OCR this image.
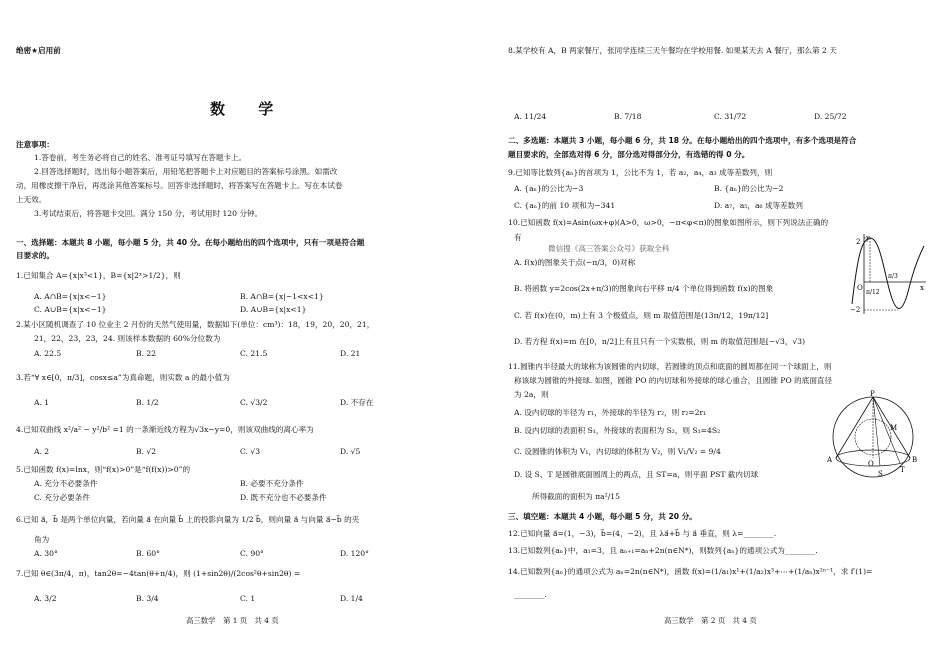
绝密★启用前
数 学
注意事项：
1.答卷前，考生务必将自己的姓名、准考证号填写在答题卡上。
2.回答选择题时，选出每小题答案后，用铅笔把答题卡上对应题目的答案标号涂黑。如需改
动，用橡皮擦干净后，再选涂其他答案标号。回答非选择题时，将答案写在答题卡上。写在本试卷
上无效。
3.考试结束后，将答题卡交回。满分 150 分，考试用时 120 分钟。
一、选择题：本题共 8 小题，每小题 5 分，共 40 分。在每小题给出的四个选项中，只有一项是符合题
目要求的。
1.已知集合 A={x|x³<1}，B={x|2ˣ>1/2}，则
A. A∩B={x|x<−1}	B. A∩B={x|−1<x<1}
C. A∪B={x|x<−1}	D. A∪B={x|x<1}
2.某小区随机调查了 10 位业主 2 月份的天然气使用量，数据如下(单位：cm³)：18，19，20，20，21，
21，22，23，23，24. 则该样本数据的 60%分位数为
A. 22.5	B. 22	C. 21.5	D. 21
3.若“∀ x∈[0，π/3]，cosx≤a”为真命题，则实数 a 的最小值为
A. 1	B. 1/2	C. √3/2	D. 不存在
4.已知双曲线 x²/a² − y²/b² =1 的一条渐近线方程为√3x−y=0，则该双曲线的离心率为
A. 2	B. √2	C. √3	D. √5
5.已知函数 f(x)=lnx，则“f(x)>0”是“f(f(x))>0”的
A. 充分不必要条件	B. 必要不充分条件
C. 充分必要条件	D. 既不充分也不必要条件
6.已知 a⃗，b⃗ 是两个单位向量，若向量 a⃗ 在向量 b⃗ 上的投影向量为 1/2 b⃗，则向量 a⃗ 与向量 a⃗−b⃗ 的夹
角为
A. 30°	B. 60°	C. 90°	D. 120°
7.已知 θ∈(3π/4，π)，tan2θ=−4tan(θ+π/4)，则 (1+sin2θ)/(2cos²θ+sin2θ) =
A. 3/2	B. 3/4	C. 1	D. 1/4
高三数学　第 1 页　共 4 页
8.某学校有 A，B 两家餐厅，张同学连续三天午餐均在学校用餐. 如果某天去 A 餐厅，那么第 2 天
A. 11/24	B. 7/18	C. 31/72	D. 25/72
二、多选题：本题共 3 小题，每小题 6 分，共 18 分。在每小题给出的四个选项中，有多个选项是符合
题目要求的，全部选对得 6 分，部分选对得部分分，有选错的得 0 分。
9.已知等比数列{aₙ}的首项为 1，公比不为 1，若 a₂，a₄，a₃ 成等差数列，则
A. {aₙ}的公比为−3	B. {aₙ}的公比为−2
C. {aₙ}的前 10 项和为−341	D. a₇，a₅，a₆ 成等差数列
10.已知函数 f(x)=Asin(ωx+φ)(A>0，ω>0，−π<φ<π)的图象如图所示，则下列说法正确的
有
微信搜《高三答案公众号》获取全科
A. f(x)的图象关于点(−π/3，0)对称
B. 将函数 y=2cos(2x+π/3)的图象向右平移 π/4 个单位得到函数 f(x)的图象
C. 若 f(x)在(0，m)上有 3 个极值点，则 m 取值范围是(13π/12，19π/12]
D. 若方程 f(x)=m 在[0，π/2]上有且只有一个实数根，则 m 的取值范围是[−√3，√3)
2
−2
O
π/12
π/3
x
y
11.圆锥内半径最大的球称为该圆锥的内切球，若圆锥的顶点和底面的圆周都在同一个球面上，则
称该球为圆锥的外接球. 如图，圆锥 PO 的内切球和外接球的球心重合，且圆锥 PO 的底面直径
为 2a，则
A. 设内切球的半径为 r₁，外接球的半径为 r₂，则 r₂=2r₁
B. 设内切球的表面积 S₁，外接球的表面积为 S₂，则 S₁=4S₂
C. 设圆锥的体积为 V₁，内切球的体积为 V₂，则 V₁/V₂ = 9/4
D. 设 S、T 是圆锥底面圆周上的两点，且 ST=a，则平面 PST 截内切球
所得截面的面积为 πa²/15
P
M
O
A	B
S T
三、填空题：本题共 4 小题，每小题 5 分，共 20 分。
12.已知向量 a⃗=(1，−3)，b⃗=(4，−2)，且 λa⃗+b⃗ 与 a⃗ 垂直，则 λ=________.
13.已知数列{aₙ}中，a₁=3，且 aₙ₊₁=aₙ+2n(n∈N*)，则数列{aₙ}的通项公式为________.
14.已知数列{aₙ}的通项公式为 aₙ=2n(n∈N*)，函数 f(x)=(1/a₁)x¹+(1/a₂)x³+⋯+(1/aₙ)x²ⁿ⁻¹，求 f′(1)=
________.
高三数学　第 2 页　共 4 页
